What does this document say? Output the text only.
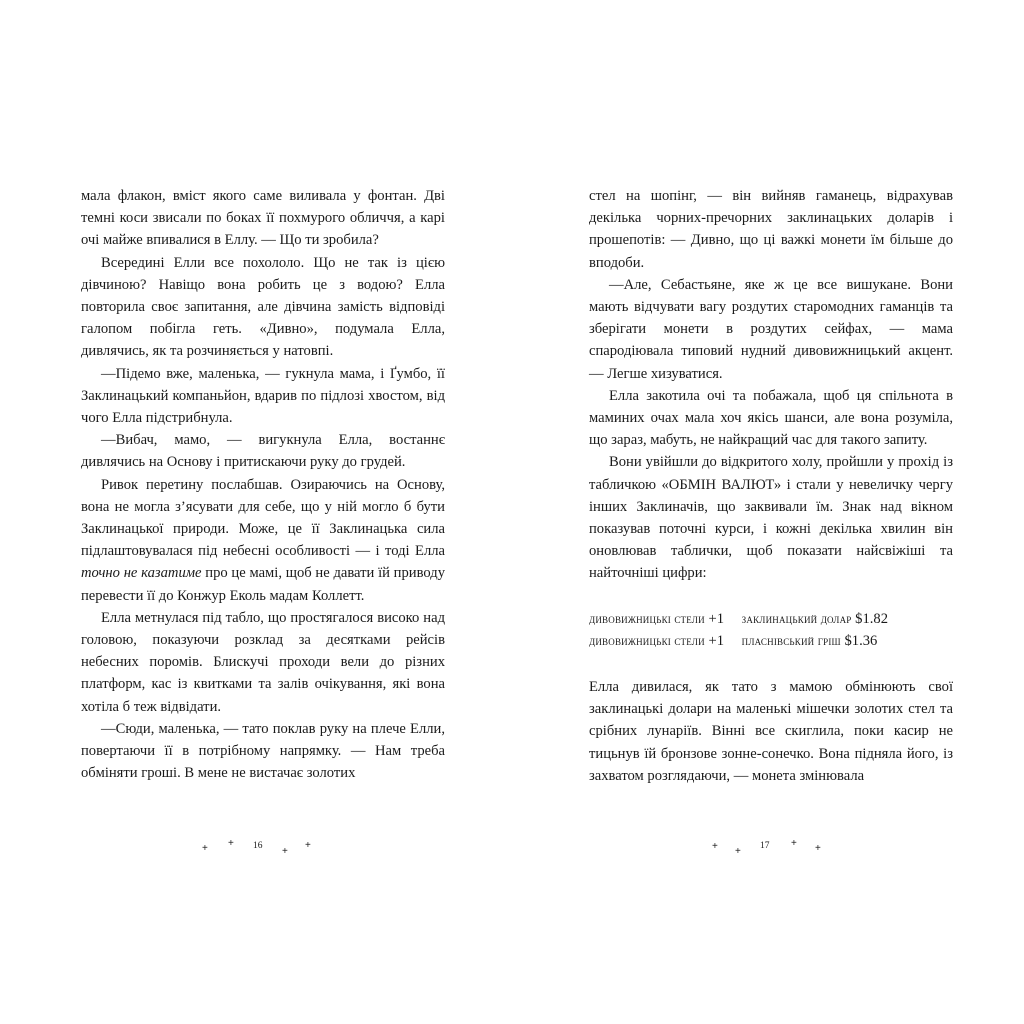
мала флакон, вміст якого саме виливала у фонтан. Дві темні коси звисали по боках її похмурого обличчя, а карі очі майже впивалися в Еллу. — Що ти зробила?

Всередині Елли все похололо. Що не так із цією дівчиною? Навіщо вона робить це з водою? Елла повторила своє запитання, але дівчина замість відповіді галопом побігла геть. «Дивно», подумала Елла, дивлячись, як та розчиняється у натовпі.

—Підемо вже, маленька, — гукнула мама, і Ґумбо, її Заклинацький компаньйон, вдарив по підлозі хвостом, від чого Елла підстрибнула.

—Вибач, мамо, — вигукнула Елла, востаннє дивлячись на Основу і притискаючи руку до грудей.

Ривок перетину послабшав. Озираючись на Основу, вона не могла з’ясувати для себе, що у ній могло б бути Заклинацької природи. Може, це її Заклинацька сила підлаштовувалася під небесні особливості — і тоді Елла точно не казатиме про це мамі, щоб не давати їй приводу перевести її до Конжур Еколь мадам Коллетт.

Елла метнулася під табло, що простягалося високо над головою, показуючи розклад за десятками рейсів небесних поромів. Блискучі проходи вели до різних платформ, кас із квитками та залів очікування, які вона хотіла б теж відвідати.

—Сюди, маленька, — тато поклав руку на плече Елли, повертаючи її в потрібному напрямку. — Нам треба обміняти гроші. В мене не вистачає золотих

стел на шопінг, — він вийняв гаманець, відрахував декілька чорних-пречорних заклинацьких доларів і прошепотів: — Дивно, що ці важкі монети їм більше до вподоби.

—Але, Себастьяне, яке ж це все вишукане. Вони мають відчувати вагу роздутих старомодних гаманців та зберігати монети в роздутих сейфах, — мама спародіювала типовий нудний дивовижницький акцент. — Легше хизуватися.

Елла закотила очі та побажала, щоб ця спільнота в маминих очах мала хоч якісь шанси, але вона розуміла, що зараз, мабуть, не найкращий час для такого запиту.

Вони увійшли до відкритого холу, пройшли у прохід із табличкою «ОБМІН ВАЛЮТ» і стали у невеличку чергу інших Заклиначів, що заквивали їм. Знак над вікном показував поточні курси, і кожні декілька хвилин він оновлював таблички, щоб показати найсвіжіші та найточніші цифри:

дивовижницькі стели +1 заклинацький долар $1.82
дивовижницькі стели +1 пласнівський гріш $1.36

Елла дивилася, як тато з мамою обмінюють свої заклинацькі долари на маленькі мішечки золотих стел та срібних лунаріїв. Вінні все скиглила, поки касир не тицьнув їй бронзове зонне-сонечко. Вона підняла його, із захватом розглядаючи, — монета змінювала

+ + 16 +
+	+ + 17 + +
